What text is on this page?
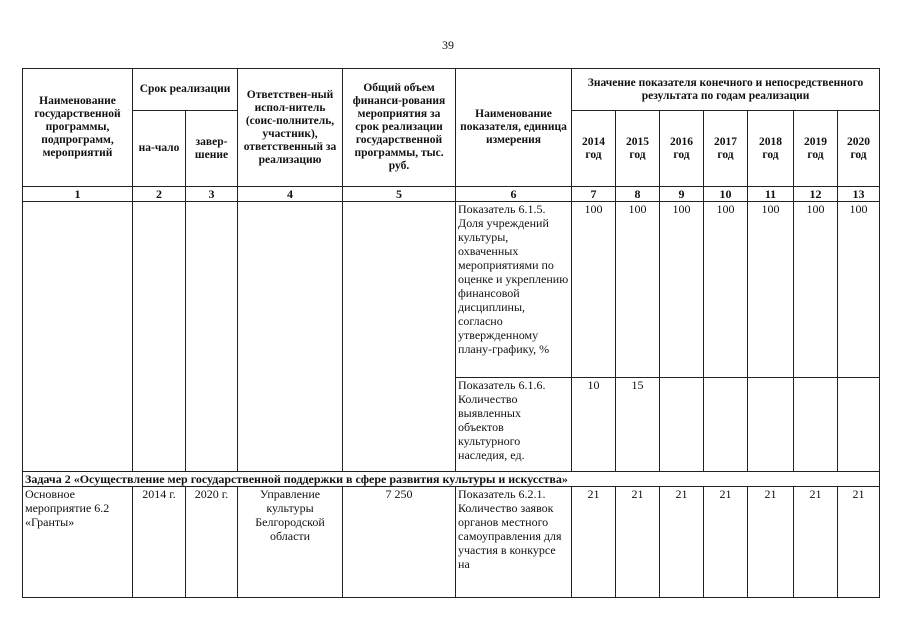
39
Наименование государственной программы, подпрограмм, мероприятий	Срок реализации		Ответствен-ный испол-нитель (соис-полнитель, участник), ответственный за реализацию	Общий объем финанси-рования мероприятия за срок реализации государственной программы, тыс. руб.	Наименование показателя, единица измерения	Значение показателя конечного и непосредственного результата по годам реализации						
	на-чало	завер-шение				2014 год	2015 год	2016 год	2017 год	2018 год	2019 год	2020 год
1	2	3	4	5	6	7	8	9	10	11	12	13
					Показатель 6.1.5. Доля учреждений культуры, охваченных мероприятиями по оценке и укреплению финансовой дисциплины, согласно утвержденному плану-графику, %	100	100	100	100	100	100	100
					Показатель 6.1.6. Количество выявленных объектов культурного наследия, ед.	10	15					
Задача 2 «Осуществление мер государственной поддержки в сфере развития культуры и искусства»												
Основное мероприятие 6.2 «Гранты»	2014 г.	2020 г.	Управление культуры Белгородской области	7 250	Показатель 6.2.1. Количество заявок органов местного самоуправления для участия в конкурсе на	21	21	21	21	21	21	21
